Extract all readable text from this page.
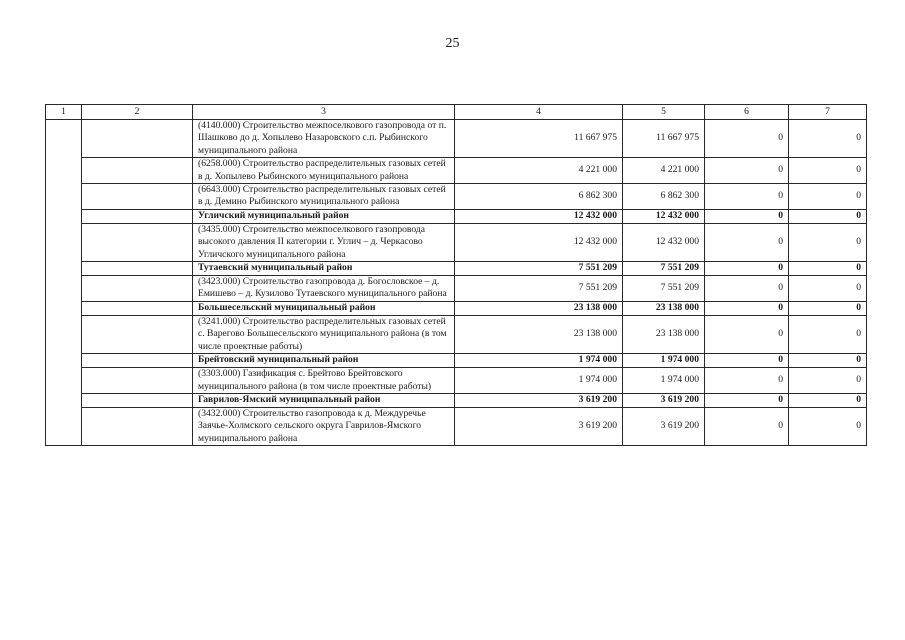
25
1	2	3	4	5	6	7
		(4140.000) Строительство межпоселкового газопровода от п. Шашково до д. Хопылево Назаровского с.п. Рыбинского муниципального района	11 667 975	11 667 975	0	0
		(6258.000) Строительство распределительных газовых сетей в д. Хопылево Рыбинского муниципального района	4 221 000	4 221 000	0	0
		(6643.000) Строительство распределительных газовых сетей в д. Демино Рыбинского муниципального района	6 862 300	6 862 300	0	0
		Угличский муниципальный район	12 432 000	12 432 000	0	0
		(3435.000) Строительство межпоселкового газопровода высокого давления II категории г. Углич – д. Черкасово Угличского муниципального района	12 432 000	12 432 000	0	0
		Тутаевский муниципальный район	7 551 209	7 551 209	0	0
		(3423.000) Строительство газопровода д. Богословское – д. Емишево – д. Кузилово Тутаевского муниципального района	7 551 209	7 551 209	0	0
		Большесельский муниципальный район	23 138 000	23 138 000	0	0
		(3241.000) Строительство распределительных газовых сетей с. Варегово Большесельского муниципального района (в том числе проектные работы)	23 138 000	23 138 000	0	0
		Брейтовский муниципальный район	1 974 000	1 974 000	0	0
		(3303.000) Газификация с. Брейтово Брейтовского муниципального района (в том числе проектные работы)	1 974 000	1 974 000	0	0
		Гаврилов-Ямский муниципальный район	3 619 200	3 619 200	0	0
		(3432.000) Строительство газопровода к д. Междуречье Заячье-Холмского сельского округа Гаврилов-Ямского муниципального района	3 619 200	3 619 200	0	0
